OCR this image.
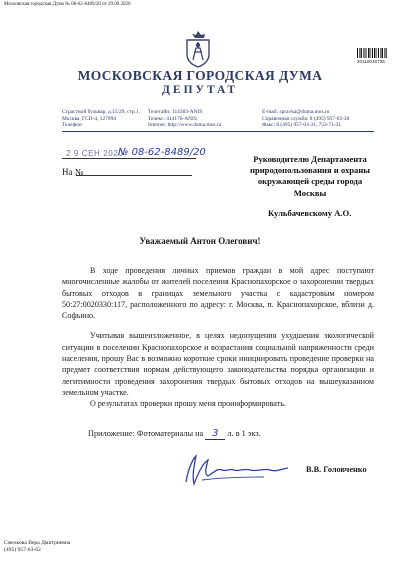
Московская городская Дума № 08-62-8489/20 от 29.09.2020
20110016736
МОСКОВСКАЯ ГОРОДСКАЯ ДУМА
ДЕПУТАТ
Страстной бульвар, д.15/29, стр.1,
Москва, ГСП-4, 127994
Телефон
Телетайп: 114383-ANIS
Телекс: 414176-ANIS
Internet: http://www.duma.mos.ru
E-mail: spravka@duma.mos.ru
Справочная служба: 8 (495) 957-03-30
Факс: 8 (495) 957-03-31, 753-71-31
2 9 СЕН 2020
№ 08-62-8489/20
На №
Руководителю Департамента
природопользования и охраны
окружающей среды города
Москвы
Кульбачевскому А.О.
Уважаемый Антон Олегович!

В ходе проведения личных приемов граждан в мой адрес поступают многочисленные жалобы от жителей поселения Краснопахорское о захоронении твердых бытовых отходов в границах земельного участка с кадастровым номером 50:27:0020330:117, расположенного по адресу: г. Москва, п. Краснопахорское, вблизи д. Софьино.

Учитывая вышеизложенное, в целях недопущения ухудшения экологической ситуации в поселении Краснопахорское и возрастания социальной напряженности среди населения, прошу Вас в возможно короткие сроки инициировать проведение проверки на предмет соответствия нормам действующего законодательства порядка организации и легитимности проведения захоронения твердых бытовых отходов на вышеуказанном земельном участке.

О результатах проверки прошу меня проинформировать.

Приложение: Фотоматериалы на 3 л. в 1 экз.
В.В. Головченко
Смелкова Вера Дмитриевна
(495) 957-03-62
